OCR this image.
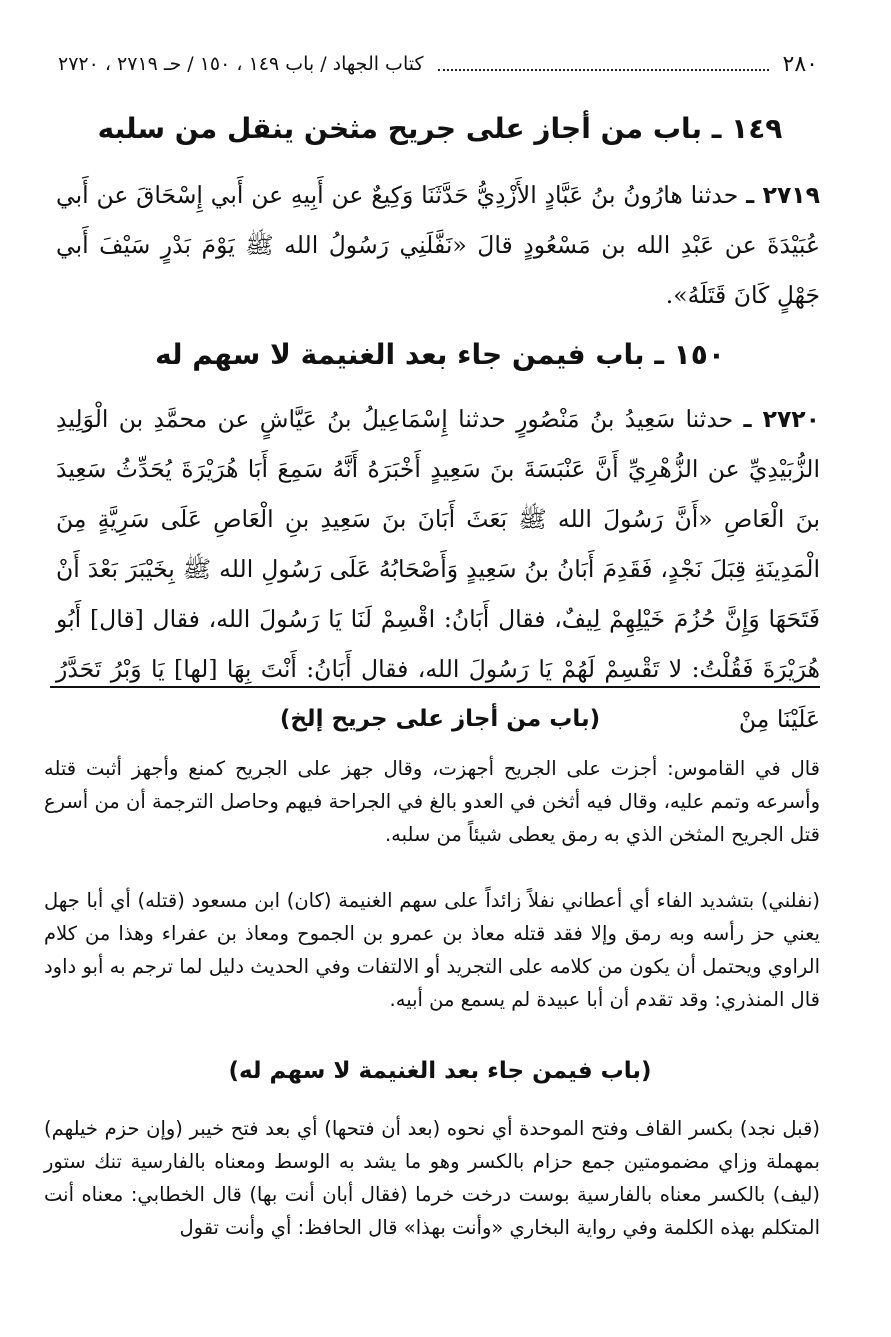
٢٨٠
كتاب الجهاد / باب ١٤٩ ، ١٥٠ / حـ ٢٧١٩ ، ٢٧٢٠
١٤٩ ـ باب من أجاز على جريح مثخن ينقل من سلبه
٢٧١٩ ـ حدثنا هارُونُ بنُ عَبَّادٍ الأَزْدِيُّ حَدَّثَنَا وَكِيعٌ عن أَبِيهِ عن أَبي إِسْحَاقَ عن أَبي عُبَيْدَةَ عن عَبْدِ الله بن مَسْعُودٍ قالَ «نَفَّلَنِي رَسُولُ الله ﷺ يَوْمَ بَدْرٍ سَيْفَ أَبي جَهْلٍ كَانَ قَتَلَهُ».
١٥٠ ـ باب فيمن جاء بعد الغنيمة لا سهم له
٢٧٢٠ ـ حدثنا سَعِيدُ بنُ مَنْصُورٍ حدثنا إِسْمَاعِيلُ بنُ عَيَّاشٍ عن محمَّدِ بن الْوَلِيدِ الزُّبَيْدِيِّ عن الزُّهْرِيِّ أَنَّ عَنْبَسَةَ بنَ سَعِيدٍ أَخْبَرَهُ أَنَّهُ سَمِعَ أَبَا هُرَيْرَةَ يُحَدِّثُ سَعِيدَ بنَ الْعَاصِ «أَنَّ رَسُولَ الله ﷺ بَعَثَ أَبَانَ بنَ سَعِيدِ بنِ الْعَاصِ عَلَى سَرِيَّةٍ مِنَ الْمَدِينَةِ قِبَلَ نَجْدٍ، فَقَدِمَ أَبَانُ بنُ سَعِيدٍ وَأَصْحَابُهُ عَلَى رَسُولِ الله ﷺ بِخَيْبَرَ بَعْدَ أَنْ فَتَحَهَا وَإِنَّ حُزُمَ خَيْلِهِمْ لِيفٌ، فقال أَبَانُ: اقْسِمْ لَنَا يَا رَسُولَ الله، فقال [قال] أَبُو هُرَيْرَةَ فَقُلْتُ: لا تَقْسِمْ لَهُمْ يَا رَسُولَ الله، فقال أَبَانُ: أَنْتَ بِهَا [لها] يَا وَبْرُ تَحَدَّرُ عَلَيْنَا مِنْ
(باب من أجاز على جريح إلخ)
قال في القاموس: أجزت على الجريح أجهزت، وقال جهز على الجريح كمنع وأجهز أثبت قتله وأسرعه وتمم عليه، وقال فيه أثخن في العدو بالغ في الجراحة فيهم وحاصل الترجمة أن من أسرع قتل الجريح المثخن الذي به رمق يعطى شيئاً من سلبه.
(نفلني) بتشديد الفاء أي أعطاني نفلاً زائداً على سهم الغنيمة (كان) ابن مسعود (قتله) أي أبا جهل يعني حز رأسه وبه رمق وإلا فقد قتله معاذ بن عمرو بن الجموح ومعاذ بن عفراء وهذا من كلام الراوي ويحتمل أن يكون من كلامه على التجريد أو الالتفات وفي الحديث دليل لما ترجم به أبو داود قال المنذري: وقد تقدم أن أبا عبيدة لم يسمع من أبيه.
(باب فيمن جاء بعد الغنيمة لا سهم له)
(قبل نجد) بكسر القاف وفتح الموحدة أي نحوه (بعد أن فتحها) أي بعد فتح خيبر (وإن حزم خيلهم) بمهملة وزاي مضمومتين جمع حزام بالكسر وهو ما يشد به الوسط ومعناه بالفارسية تنك ستور (ليف) بالكسر معناه بالفارسية بوست درخت خرما (فقال أبان أنت بها) قال الخطابي: معناه أنت المتكلم بهذه الكلمة وفي رواية البخاري «وأنت بهذا» قال الحافظ: أي وأنت تقول
